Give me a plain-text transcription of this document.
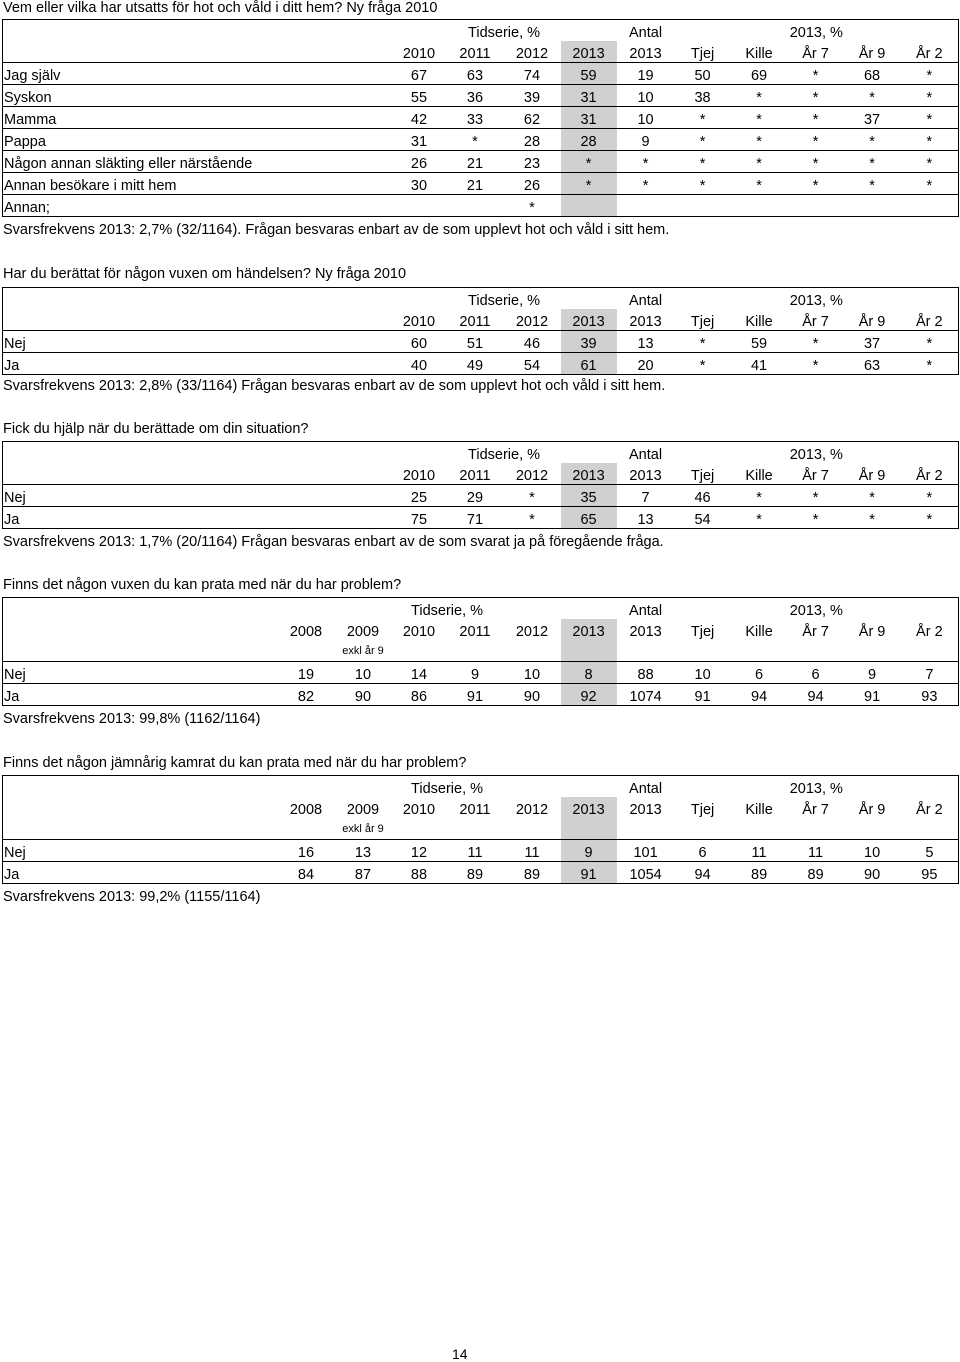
Vem eller vilka har utsatts för hot och våld i ditt hem? Ny fråga 2010
	Tidserie, %				Antal	2013, %				
	2010	2011	2012	2013	2013	Tjej	Kille	År 7	År 9	År 2
Jag själv	67	63	74	59	19	50	69	*	68	*
Syskon	55	36	39	31	10	38	*	*	*	*
Mamma	42	33	62	31	10	*	*	*	37	*
Pappa	31	*	28	28	9	*	*	*	*	*
Någon annan släkting eller närstående	26	21	23	*	*	*	*	*	*	*
Annan besökare i mitt hem	30	21	26	*	*	*	*	*	*	*
Annan;			*							
Svarsfrekvens 2013: 2,7% (32/1164). Frågan besvaras enbart av de som upplevt hot och våld i sitt hem.
Har du berättat för någon vuxen om händelsen? Ny fråga 2010
	Tidserie, %				Antal	2013, %				
	2010	2011	2012	2013	2013	Tjej	Kille	År 7	År 9	År 2
Nej	60	51	46	39	13	*	59	*	37	*
Ja	40	49	54	61	20	*	41	*	63	*
Svarsfrekvens 2013: 2,8% (33/1164) Frågan besvaras enbart av de som upplevt hot och våld i sitt hem.
Fick du hjälp när du berättade om din situation?
	Tidserie, %				Antal	2013, %				
	2010	2011	2012	2013	2013	Tjej	Kille	År 7	År 9	År 2
Nej	25	29	*	35	7	46	*	*	*	*
Ja	75	71	*	65	13	54	*	*	*	*
Svarsfrekvens 2013: 1,7% (20/1164) Frågan besvaras enbart av de som svarat ja på föregående fråga.
Finns det någon vuxen du kan prata med när du har problem?
	Tidserie, %						Antal	2013, %				
	2008	2009	2010	2011	2012	2013	2013	Tjej	Kille	År 7	År 9	År 2
		exkl år 9										
Nej	19	10	14	9	10	8	88	10	6	6	9	7
Ja	82	90	86	91	90	92	1074	91	94	94	91	93
Svarsfrekvens 2013: 99,8% (1162/1164)
Finns det någon jämnårig kamrat du kan prata med när du har problem?
	Tidserie, %						Antal	2013, %				
	2008	2009	2010	2011	2012	2013	2013	Tjej	Kille	År 7	År 9	År 2
		exkl år 9										
Nej	16	13	12	11	11	9	101	6	11	11	10	5
Ja	84	87	88	89	89	91	1054	94	89	89	90	95
Svarsfrekvens 2013: 99,2% (1155/1164)
14
